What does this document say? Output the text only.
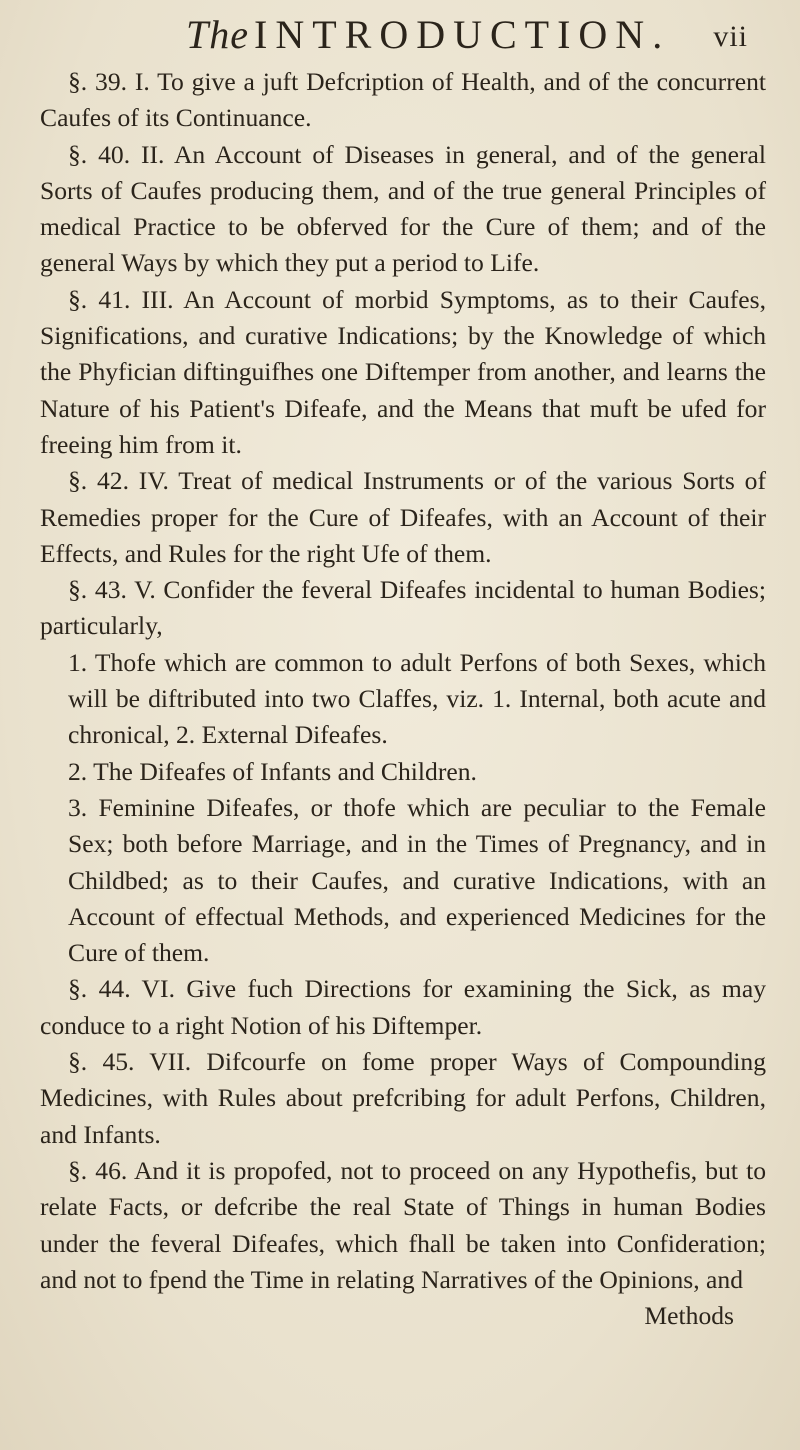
The INTRODUCTION. vii

§. 39. I. To give a juft Defcription of Health, and of the concurrent Caufes of its Continuance.

§. 40. II. An Account of Diseases in general, and of the general Sorts of Caufes producing them, and of the true general Principles of medical Practice to be obferved for the Cure of them; and of the general Ways by which they put a period to Life.

§. 41. III. An Account of morbid Symptoms, as to their Caufes, Significations, and curative Indications; by the Knowledge of which the Phyfician diftinguifhes one Diftemper from another, and learns the Nature of his Patient's Difeafe, and the Means that muft be ufed for freeing him from it.

§. 42. IV. Treat of medical Instruments or of the various Sorts of Remedies proper for the Cure of Difeafes, with an Account of their Effects, and Rules for the right Ufe of them.

§. 43. V. Confider the feveral Difeafes incidental to human Bodies; particularly,

1. Thofe which are common to adult Perfons of both Sexes, which will be diftributed into two Claffes, viz. 1. Internal, both acute and chronical, 2. External Difeafes.

2. The Difeafes of Infants and Children.

3. Feminine Difeafes, or thofe which are peculiar to the Female Sex; both before Marriage, and in the Times of Pregnancy, and in Childbed; as to their Caufes, and curative Indications, with an Account of effectual Methods, and experienced Medicines for the Cure of them.

§. 44. VI. Give fuch Directions for examining the Sick, as may conduce to a right Notion of his Diftemper.

§. 45. VII. Difcourfe on fome proper Ways of Compounding Medicines, with Rules about prefcribing for adult Perfons, Children, and Infants.

§. 46. And it is propofed, not to proceed on any Hypothefis, but to relate Facts, or defcribe the real State of Things in human Bodies under the feveral Difeafes, which fhall be taken into Confideration; and not to fpend the Time in relating Narratives of the Opinions, and

Methods
